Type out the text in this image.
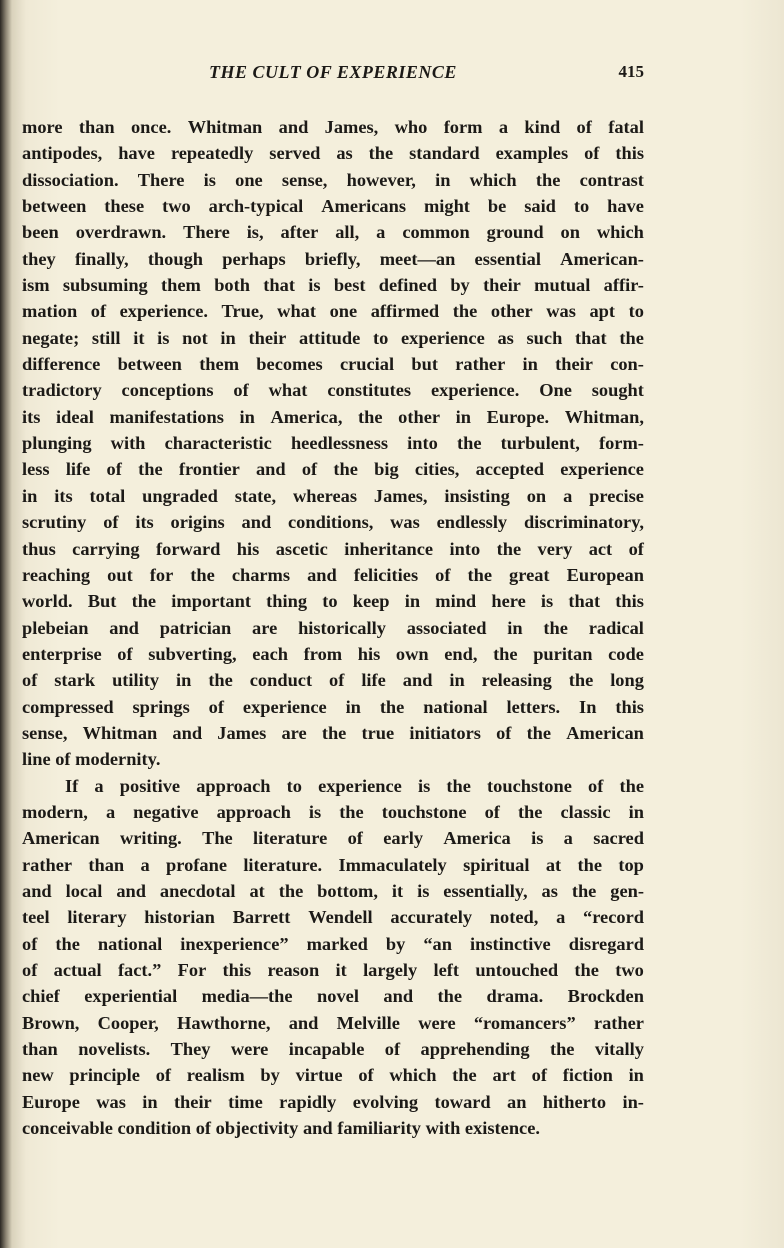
THE CULT OF EXPERIENCE	415
more than once. Whitman and James, who form a kind of fatal
antipodes, have repeatedly served as the standard examples of this
dissociation. There is one sense, however, in which the contrast
between these two arch-typical Americans might be said to have
been overdrawn. There is, after all, a common ground on which
they finally, though perhaps briefly, meet—an essential American-
ism subsuming them both that is best defined by their mutual affir-
mation of experience. True, what one affirmed the other was apt to
negate; still it is not in their attitude to experience as such that the
difference between them becomes crucial but rather in their con-
tradictory conceptions of what constitutes experience. One sought
its ideal manifestations in America, the other in Europe. Whitman,
plunging with characteristic heedlessness into the turbulent, form-
less life of the frontier and of the big cities, accepted experience
in its total ungraded state, whereas James, insisting on a precise
scrutiny of its origins and conditions, was endlessly discriminatory,
thus carrying forward his ascetic inheritance into the very act of
reaching out for the charms and felicities of the great European
world. But the important thing to keep in mind here is that this
plebeian and patrician are historically associated in the radical
enterprise of subverting, each from his own end, the puritan code
of stark utility in the conduct of life and in releasing the long
compressed springs of experience in the national letters. In this
sense, Whitman and James are the true initiators of the American
line of modernity.
If a positive approach to experience is the touchstone of the
modern, a negative approach is the touchstone of the classic in
American writing. The literature of early America is a sacred
rather than a profane literature. Immaculately spiritual at the top
and local and anecdotal at the bottom, it is essentially, as the gen-
teel literary historian Barrett Wendell accurately noted, a “record
of the national inexperience” marked by “an instinctive disregard
of actual fact.” For this reason it largely left untouched the two
chief experiential media—the novel and the drama. Brockden
Brown, Cooper, Hawthorne, and Melville were “romancers” rather
than novelists. They were incapable of apprehending the vitally
new principle of realism by virtue of which the art of fiction in
Europe was in their time rapidly evolving toward an hitherto in-
conceivable condition of objectivity and familiarity with existence.
